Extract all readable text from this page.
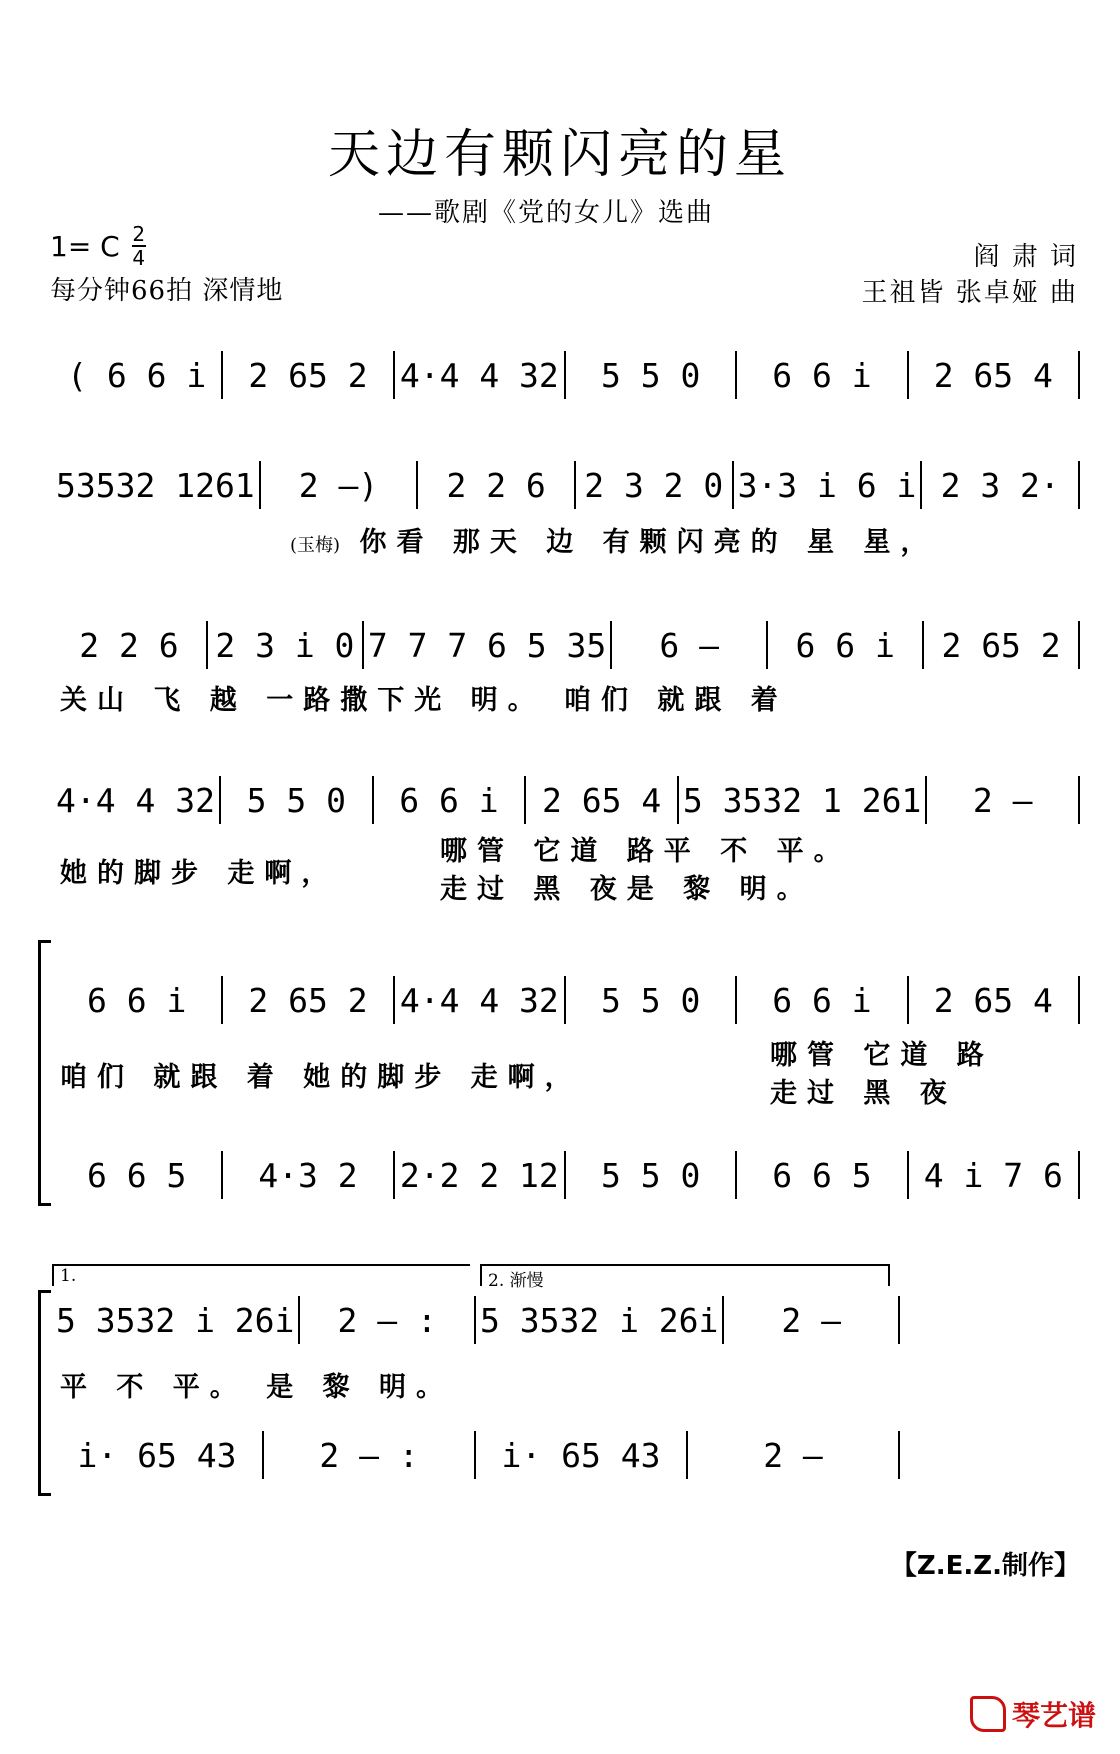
天边有颗闪亮的星
——歌剧《党的女儿》选曲
1= C $\frac{2}{4}$
每分钟66拍 深情地
阎 肃 词
王祖皆 张卓娅 曲
( 6 6 i	2 65 2 4·4 4 32	5 5 0	6 6 i	2 65 4
53532 1261	2 –)	2 2 6	2 3 2 0 3·3 i 6 i 2 3 2·
(玉梅) 你看 那天 边 有颗闪亮的 星 星，
2 2 6	2 3 i 0 7 7 7 6 5 35	6 –	6 6 i	2 65 2
关山 飞 越 一路撒下光 明。 咱们 就跟 着
4·4 4 32 5 5 0	6 6 i	2 65 4 5 3532 1 261	2 –
她的脚步 走啊，
哪管 它道 路平 不 平。
走过 黑 夜是 黎 明。
6 6 i	2 65 2 4·4 4 32	5 5 0	6 6 i	2 65 4
咱们 就跟 着 她的脚步 走啊，
哪管 它道 路
走过 黑 夜
6 6 5	4·3 2	2·2 2 12	5 5 0	6 6 5	4 i 7 6
1.	2. 渐慢
5 3532 i 26i	2 – :	5 3532 i 26i	2 –
平 不 平。 是 黎 明。
i· 65 43	2 – :	i· 65 43	2 –
【Z.E.Z.制作】
琴艺谱
